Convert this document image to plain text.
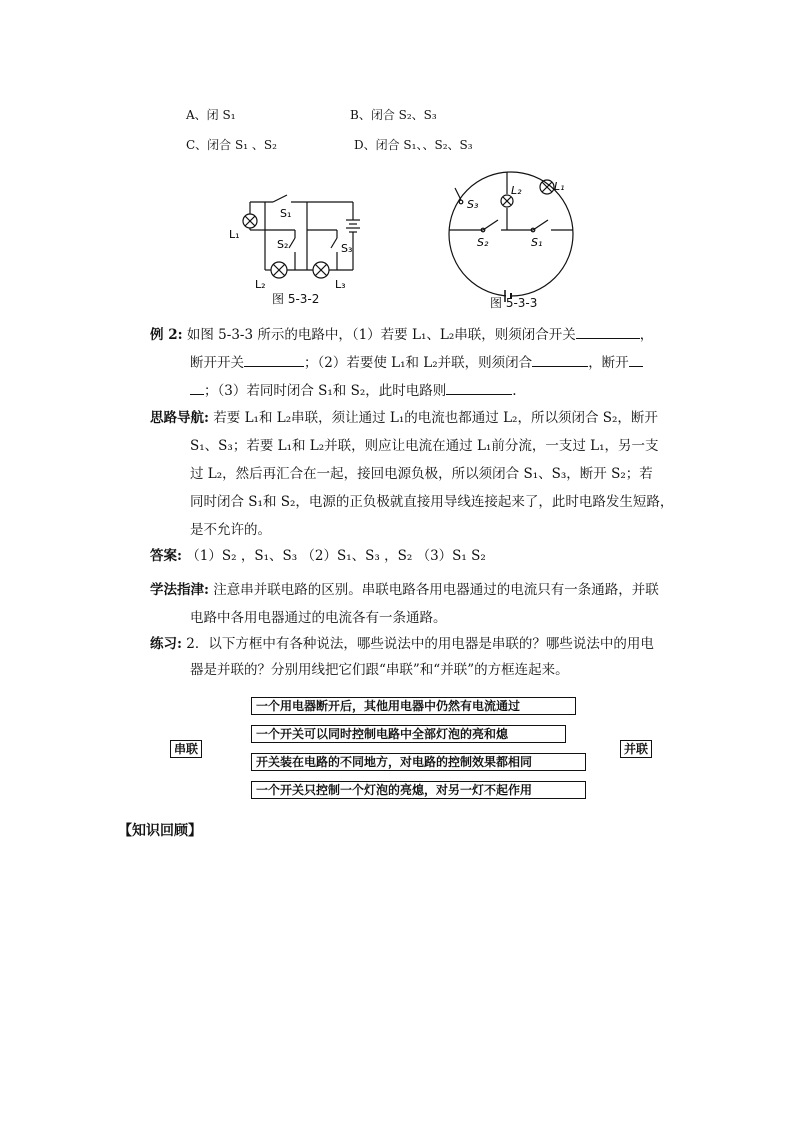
A、闭 S₁	B、闭合 S₂、S₃
C、闭合 S₁ 、S₂	D、闭合 S₁、、S₂、S₃
S₁
L₁
S₂	S₃
L₂	L₃
图 5-3-2
S₃
L₂	L₁
S₂	S₁
图 5-3-3
例 2: 如图 5-3-3 所示的电路中，（1）若要 L₁、L₂串联，则须闭合开关	，
断开开关	；（2）若要使 L₁和 L₂并联，则须闭合	，断开
；（3）若同时闭合 S₁和 S₂，此时电路则	.
思路导航: 若要 L₁和 L₂串联，须让通过 L₁的电流也都通过 L₂，所以须闭合 S₂，断开
S₁、S₃；若要 L₁和 L₂并联，则应让电流在通过 L₁前分流，一支过 L₁，另一支
过 L₂，然后再汇合在一起，接回电源负极，所以须闭合 S₁、S₃，断开 S₂；若
同时闭合 S₁和 S₂，电源的正负极就直接用导线连接起来了，此时电路发生短路，
是不允许的。
答案: （1）S₂ ，S₁、S₃ （2）S₁、S₃ ，S₂ （3）S₁ S₂
学法指津: 注意串并联电路的区别。串联电路各用电器通过的电流只有一条通路，并联
电路中各用电器通过的电流各有一条通路。
练习: 2．以下方框中有各种说法，哪些说法中的用电器是串联的？哪些说法中的用电
器是并联的？分别用线把它们跟“串联”和“并联”的方框连起来。
串联	并联
一个用电器断开后，其他用电器中仍然有电流通过
一个开关可以同时控制电路中全部灯泡的亮和熄
开关装在电路的不同地方，对电路的控制效果都相同
一个开关只控制一个灯泡的亮熄，对另一灯不起作用
【知识回顾】
